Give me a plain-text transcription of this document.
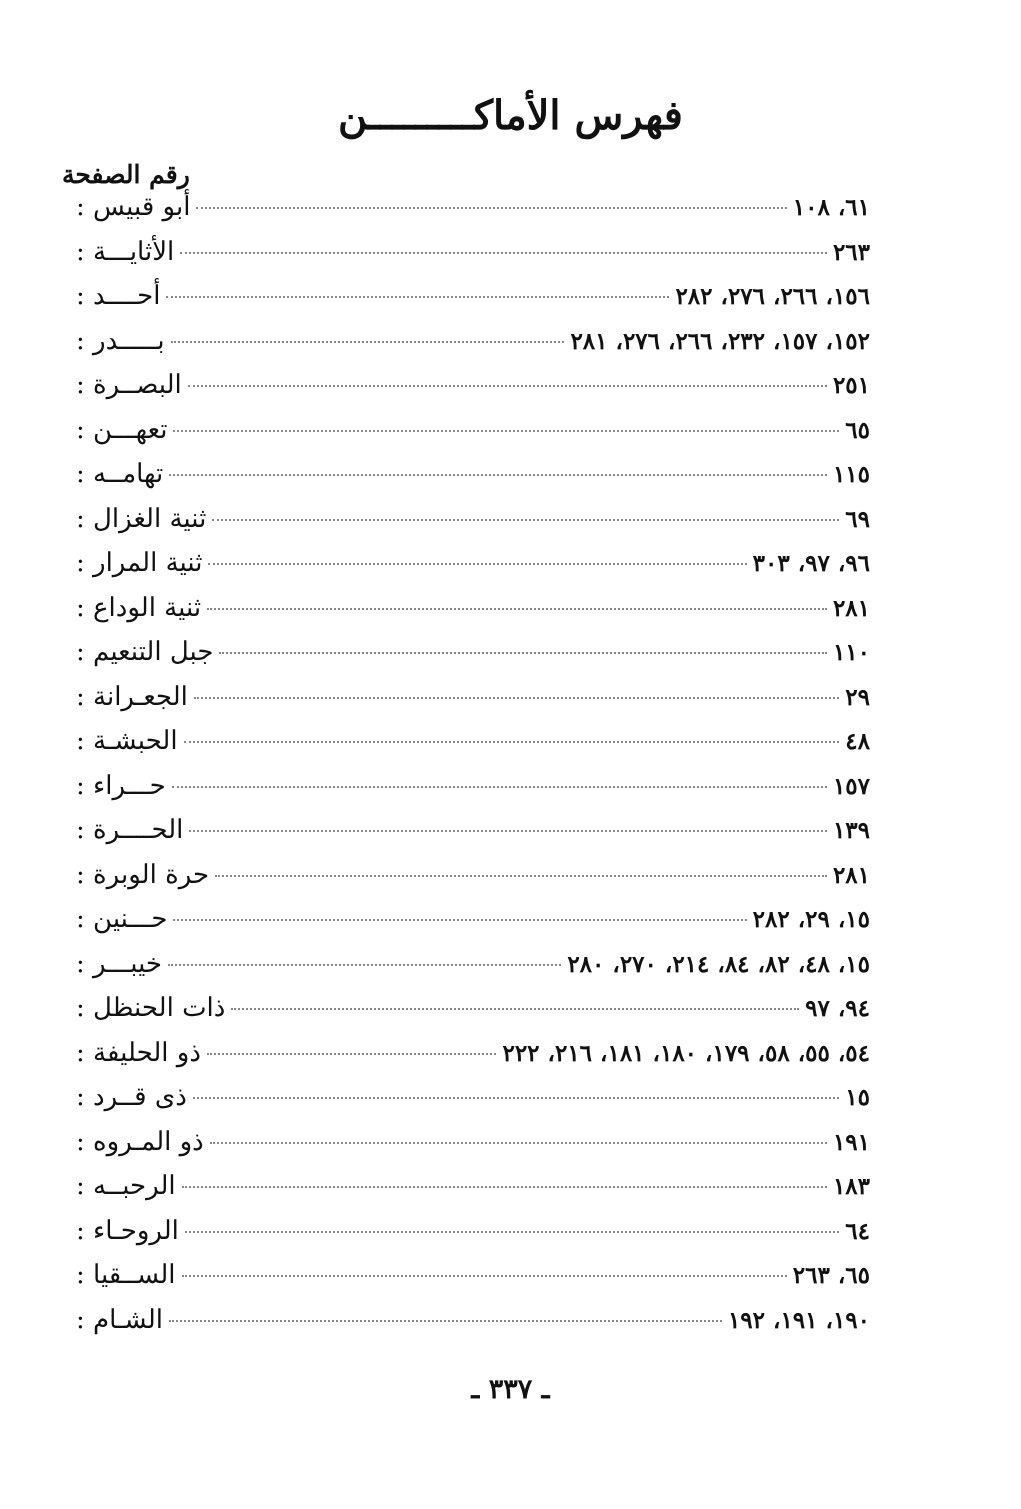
فهرس الأماكـــــــــن
رقم الصفحة
أبو قبيس :	٦١، ١٠٨
الأثايـــة :	٢٦٣
أحــــد :	١٥٦، ٢٦٦، ٢٧٦، ٢٨٢
بـــــدر :	١٥٢، ١٥٧، ٢٣٢، ٢٦٦، ٢٧٦، ٢٨١
البصــرة :	٢٥١
تعهـــن :	٦٥
تهامــه :	١١٥
ثنية الغزال :	٦٩
ثنية المرار :	٩٦، ٩٧، ٣٠٣
ثنية الوداع :	٢٨١
جبل التنعيم :	١١٠
الجعـرانة :	٢٩
الحبشـة :	٤٨
حـــراء :	١٥٧
الحــــرة :	١٣٩
حرة الوبرة :	٢٨١
حـــنين :	١٥، ٢٩، ٢٨٢
خيبـــر :	١٥، ٤٨، ٨٢، ٨٤، ٢١٤، ٢٧٠، ٢٨٠
ذات الحنظل :	٩٤، ٩٧
ذو الحليفة :	٥٤، ٥٥، ٥٨، ١٧٩، ١٨٠، ١٨١، ٢١٦، ٢٢٢
ذى قــرد :	١٥
ذو المـروه :	١٩١
الرحبــه :	١٨٣
الروحـاء :	٦٤
الســقيا :	٦٥، ٢٦٣
الشـام :	١٩٠، ١٩١، ١٩٢
ـ ٣٣٧ ـ
